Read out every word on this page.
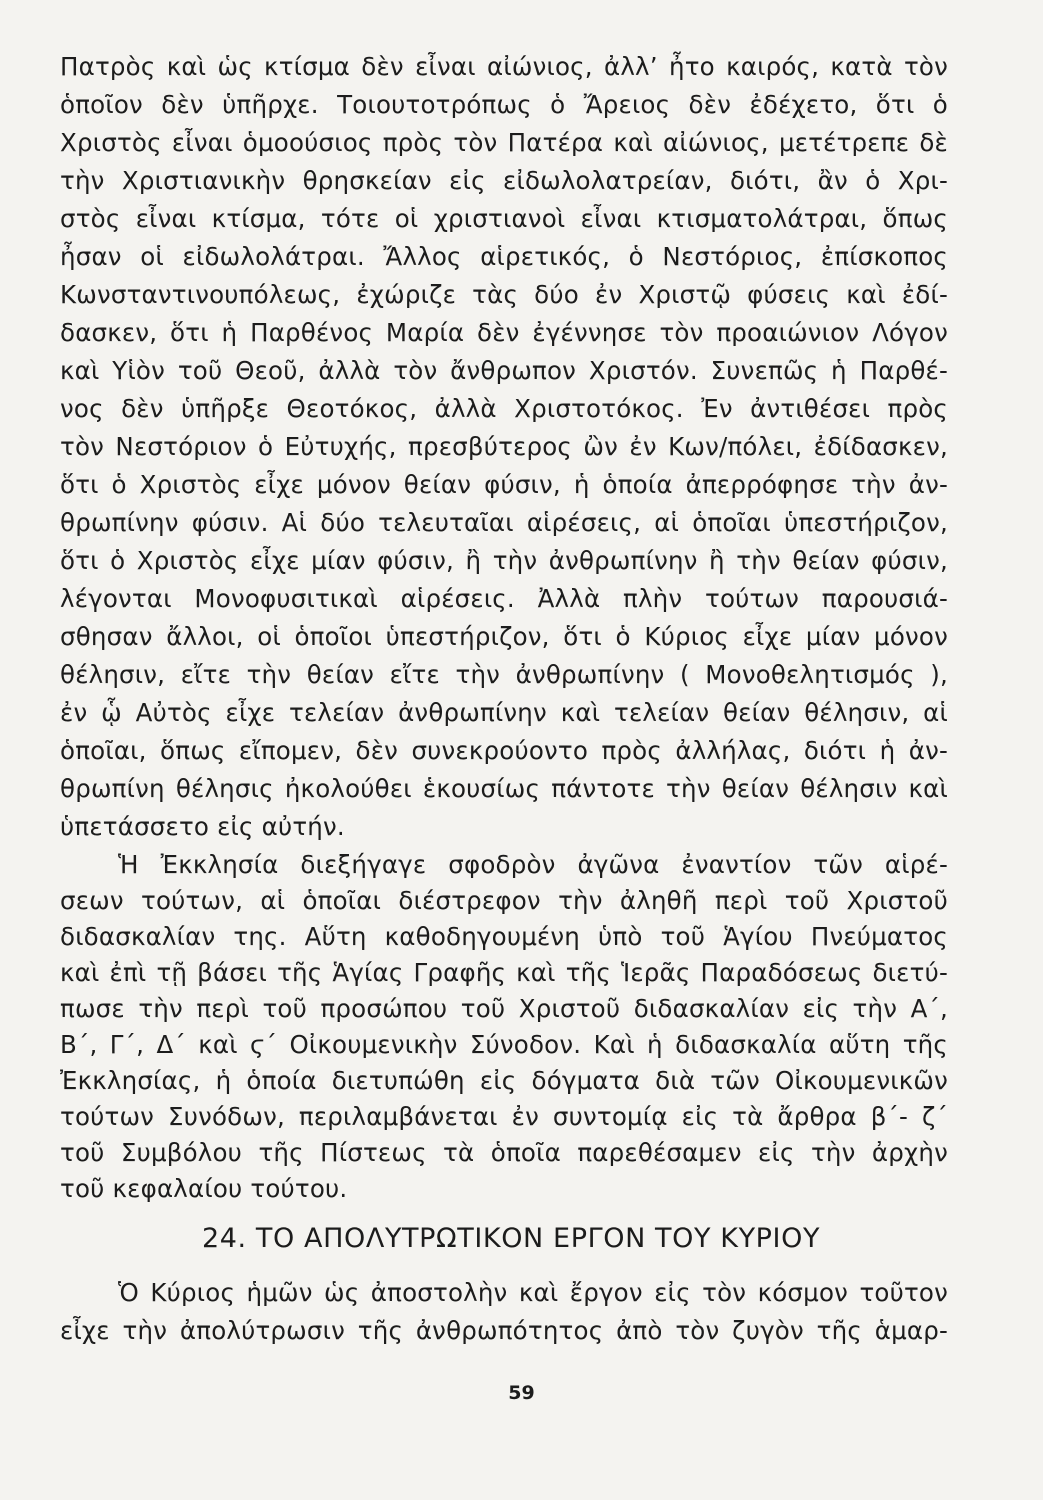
Πατρὸς καὶ ὡς κτίσμα δὲν εἶναι αἰώνιος, ἀλλ’ ἦτο καιρός, κατὰ τὸν
ὁποῖον δὲν ὑπῆρχε. Τοιουτοτρόπως ὁ Ἄρειος δὲν ἐδέχετο, ὅτι ὁ
Χριστὸς εἶναι ὁμοούσιος πρὸς τὸν Πατέρα καὶ αἰώνιος, μετέτρεπε δὲ
τὴν Χριστιανικὴν θρησκείαν εἰς εἰδωλολατρείαν, διότι, ἂν ὁ Χρι-
στὸς εἶναι κτίσμα, τότε οἱ χριστιανοὶ εἶναι κτισματολάτραι, ὅπως
ἦσαν οἱ εἰδωλολάτραι. Ἄλλος αἱρετικός, ὁ Νεστόριος, ἐπίσκοπος
Κωνσταντινουπόλεως, ἐχώριζε τὰς δύο ἐν Χριστῷ φύσεις καὶ ἐδί-
δασκεν, ὅτι ἡ Παρθένος Μαρία δὲν ἐγέννησε τὸν προαιώνιον Λόγον
καὶ Υἱὸν τοῦ Θεοῦ, ἀλλὰ τὸν ἄνθρωπον Χριστόν. Συνεπῶς ἡ Παρθέ-
νος δὲν ὑπῆρξε Θεοτόκος, ἀλλὰ Χριστοτόκος. Ἐν ἀντιθέσει πρὸς
τὸν Νεστόριον ὁ Εὐτυχής, πρεσβύτερος ὢν ἐν Κων/πόλει, ἐδίδασκεν,
ὅτι ὁ Χριστὸς εἶχε μόνον θείαν φύσιν, ἡ ὁποία ἀπερρόφησε τὴν ἀν-
θρωπίνην φύσιν. Αἱ δύο τελευταῖαι αἱρέσεις, αἱ ὁποῖαι ὑπεστήριζον,
ὅτι ὁ Χριστὸς εἶχε μίαν φύσιν, ἢ τὴν ἀνθρωπίνην ἢ τὴν θείαν φύσιν,
λέγονται Μονοφυσιτικαὶ αἱρέσεις. Ἀλλὰ πλὴν τούτων παρουσιά-
σθησαν ἄλλοι, οἱ ὁποῖοι ὑπεστήριζον, ὅτι ὁ Κύριος εἶχε μίαν μόνον
θέλησιν, εἴτε τὴν θείαν εἴτε τὴν ἀνθρωπίνην ( Μονοθελητισμός ),
ἐν ᾧ Αὐτὸς εἶχε τελείαν ἀνθρωπίνην καὶ τελείαν θείαν θέλησιν, αἱ
ὁποῖαι, ὅπως εἴπομεν, δὲν συνεκρούοντο πρὸς ἀλλήλας, διότι ἡ ἀν-
θρωπίνη θέλησις ἠκολούθει ἑκουσίως πάντοτε τὴν θείαν θέλησιν καὶ
ὑπετάσσετο εἰς αὐτήν.
Ἡ Ἐκκλησία διεξήγαγε σφοδρὸν ἀγῶνα ἐναντίον τῶν αἱρέ-
σεων τούτων, αἱ ὁποῖαι διέστρεφον τὴν ἀληθῆ περὶ τοῦ Χριστοῦ
διδασκαλίαν της. Αὕτη καθοδηγουμένη ὑπὸ τοῦ Ἁγίου Πνεύματος
καὶ ἐπὶ τῇ βάσει τῆς Ἁγίας Γραφῆς καὶ τῆς Ἱερᾶς Παραδόσεως διετύ-
πωσε τὴν περὶ τοῦ προσώπου τοῦ Χριστοῦ διδασκαλίαν εἰς τὴν Α΄,
Β΄, Γ΄, Δ΄ καὶ ϛ΄ Οἰκουμενικὴν Σύνοδον. Καὶ ἡ διδασκαλία αὕτη τῆς
Ἐκκλησίας, ἡ ὁποία διετυπώθη εἰς δόγματα διὰ τῶν Οἰκουμενικῶν
τούτων Συνόδων, περιλαμβάνεται ἐν συντομίᾳ εἰς τὰ ἄρθρα β΄- ζ΄
τοῦ Συμβόλου τῆς Πίστεως τὰ ὁποῖα παρεθέσαμεν εἰς τὴν ἀρχὴν
τοῦ κεφαλαίου τούτου.
24. ΤΟ ΑΠΟΛΥΤΡΩΤΙΚΟΝ ΕΡΓΟΝ ΤΟΥ ΚΥΡΙΟΥ
Ὁ Κύριος ἡμῶν ὡς ἀποστολὴν καὶ ἔργον εἰς τὸν κόσμον τοῦτον
εἶχε τὴν ἀπολύτρωσιν τῆς ἀνθρωπότητος ἀπὸ τὸν ζυγὸν τῆς ἁμαρ-
59
